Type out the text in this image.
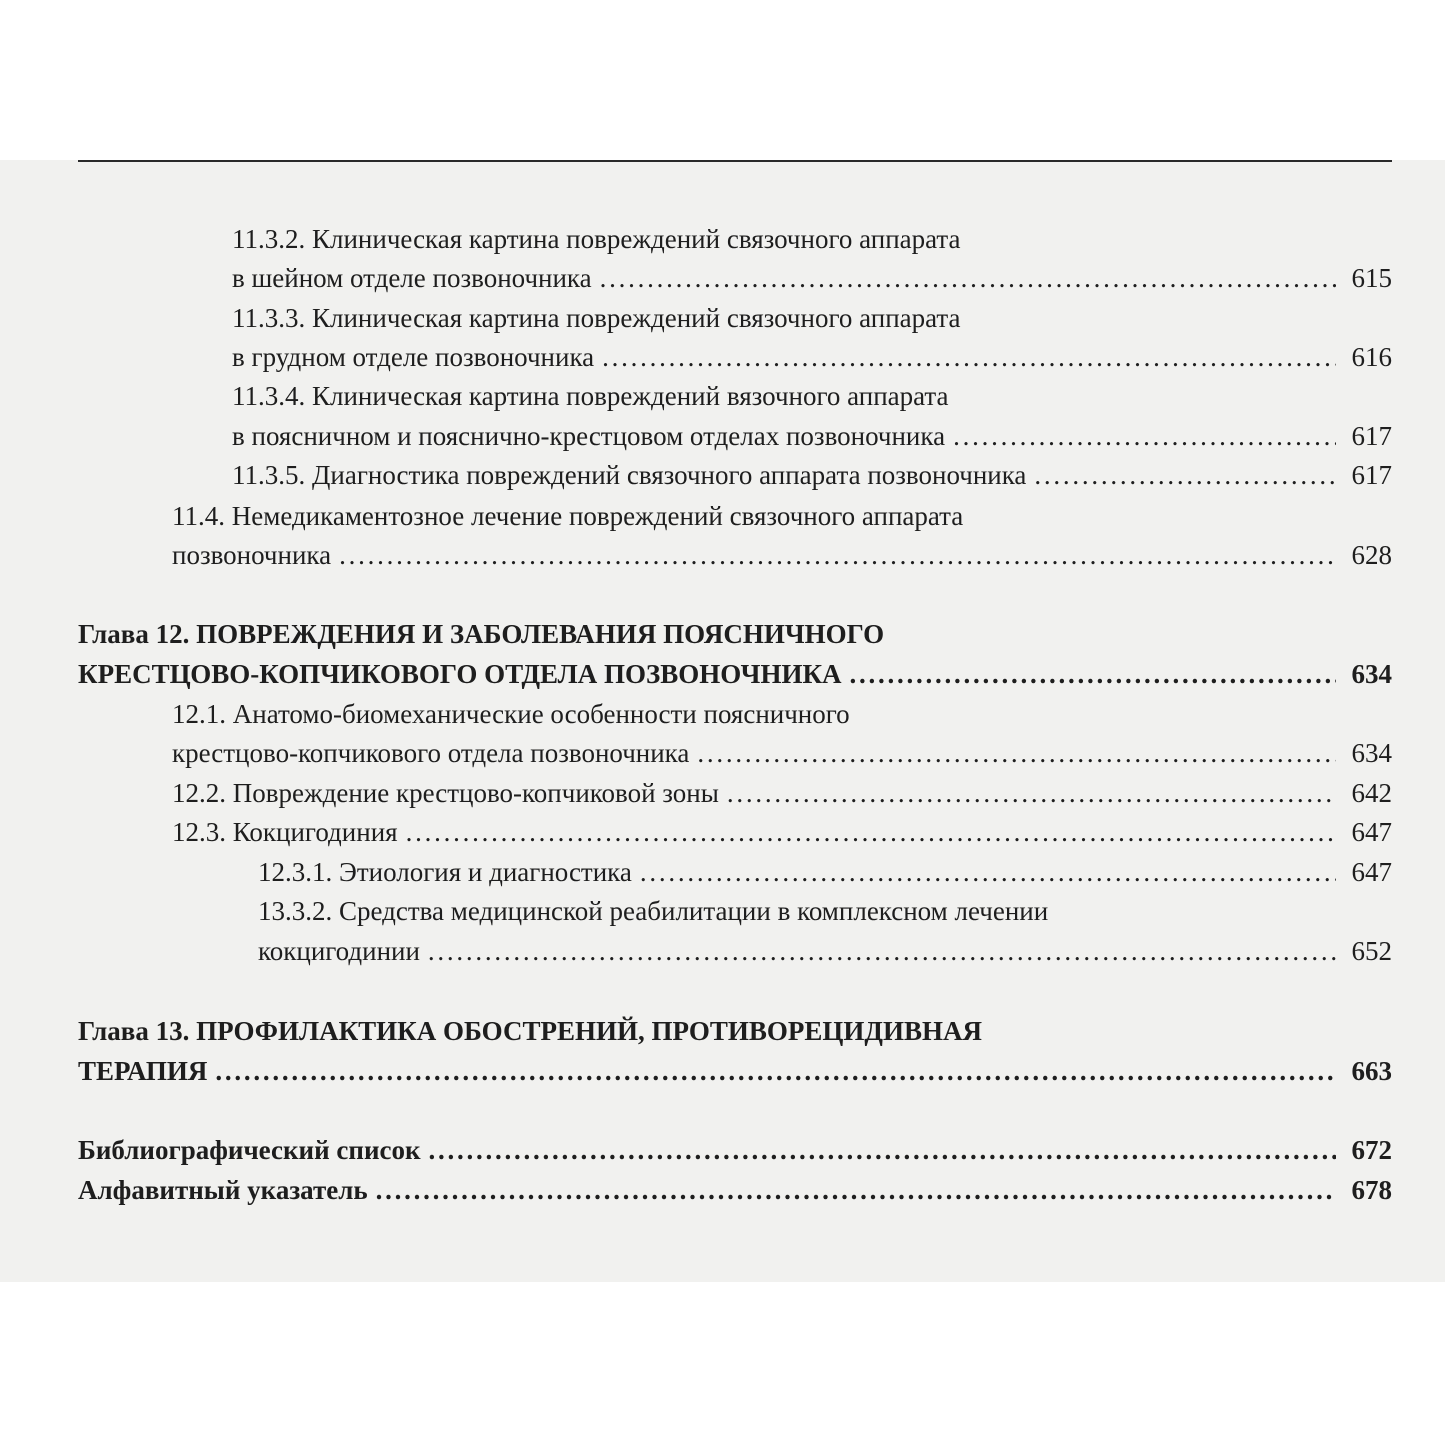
11.3.2. Клиническая картина повреждений связочного аппарата
в шейном отделе позвоночника . . .	615
11.3.3. Клиническая картина повреждений связочного аппарата
в грудном отделе позвоночника . . .	616
11.3.4. Клиническая картина повреждений вязочного аппарата
в поясничном и пояснично-крестцовом отделах позвоночника . . .	617
11.3.5. Диагностика повреждений связочного аппарата позвоночника . . .	617
11.4. Немедикаментозное лечение повреждений связочного аппарата
позвоночника . . .	628
Глава 12. ПОВРЕЖДЕНИЯ И ЗАБОЛЕВАНИЯ ПОЯСНИЧНОГО
КРЕСТЦОВО-КОПЧИКОВОГО ОТДЕЛА ПОЗВОНОЧНИКА . . .	634
12.1. Анатомо-биомеханические особенности поясничного
крестцово-копчикового отдела позвоночника . . .	634
12.2. Повреждение крестцово-копчиковой зоны . . .	642
12.3. Кокцигодиния . . .	647
12.3.1. Этиология и диагностика . . .	647
13.3.2. Средства медицинской реабилитации в комплексном лечении
кокцигодинии . . .	652
Глава 13. ПРОФИЛАКТИКА ОБОСТРЕНИЙ, ПРОТИВОРЕЦИДИВНАЯ
ТЕРАПИЯ . . .	663
Библиографический список . . .	672
Алфавитный указатель . . .	678
